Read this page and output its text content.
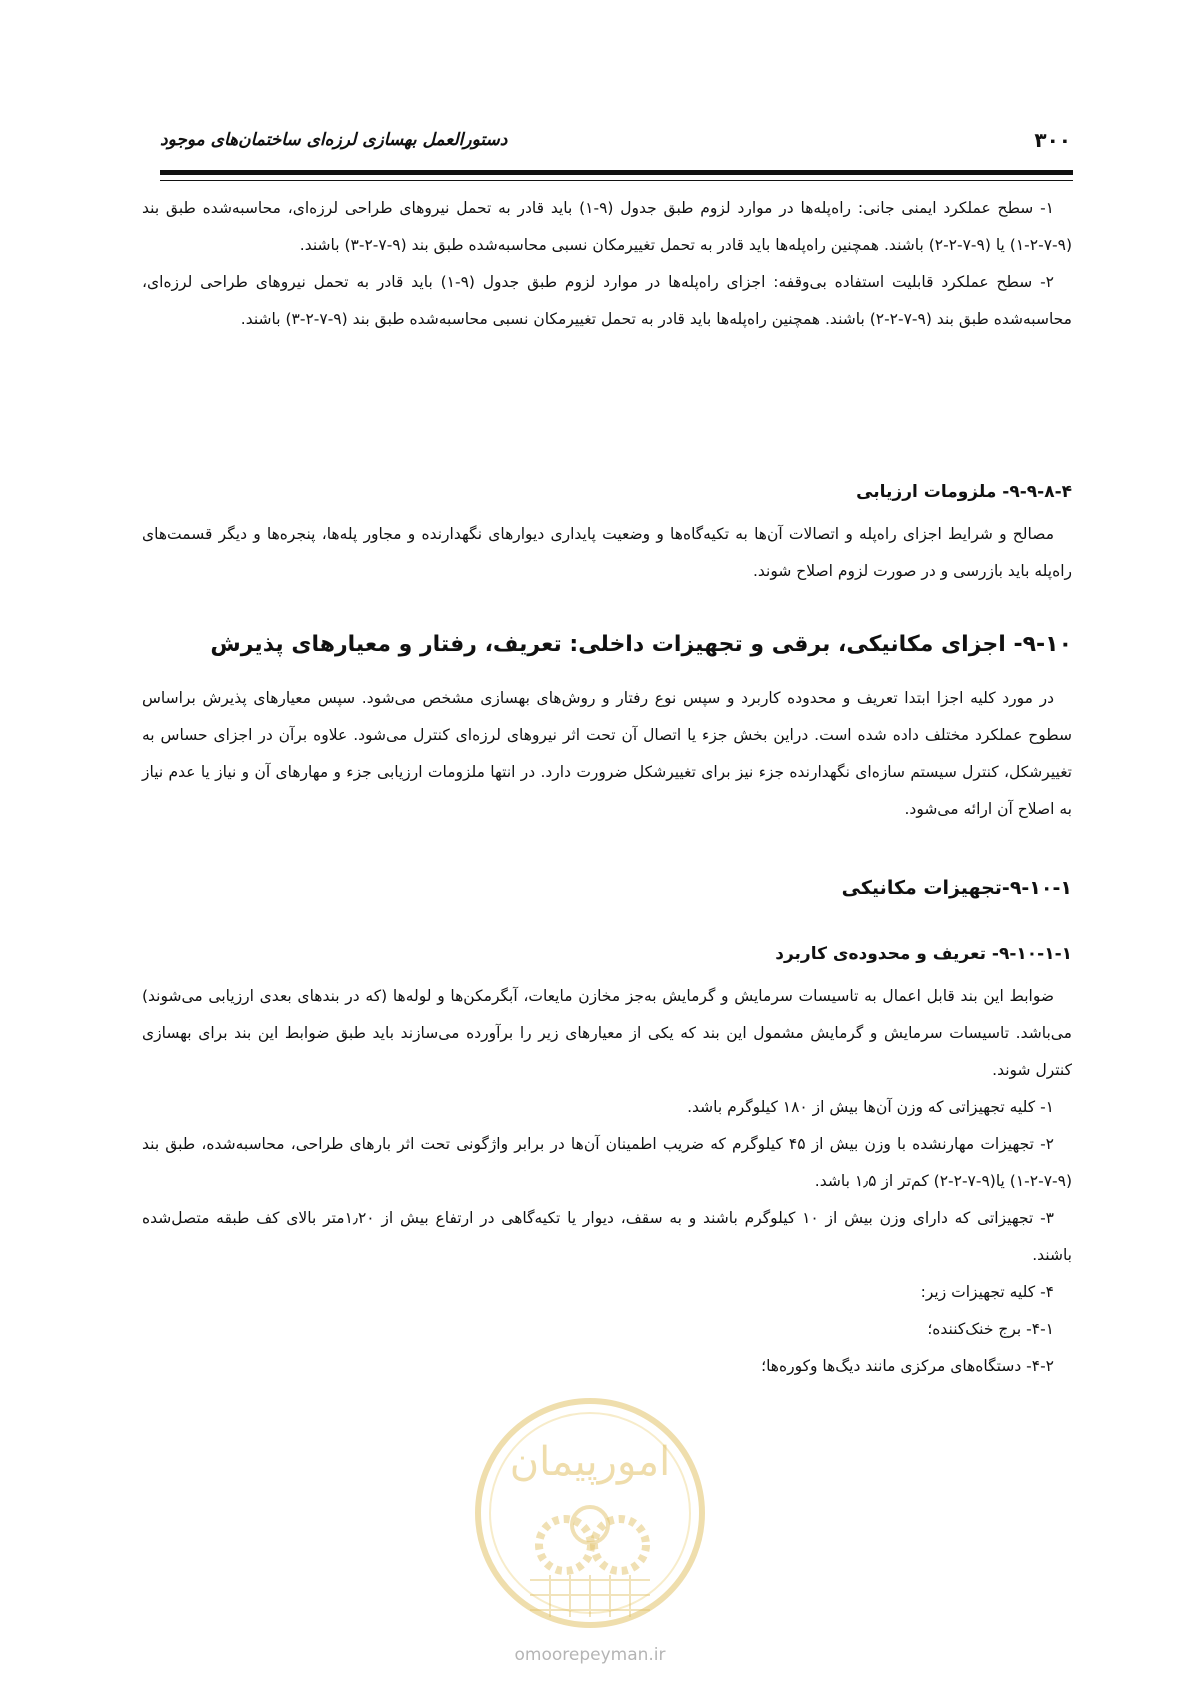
۳۰۰
دستورالعمل بهسازی لرزه‌ای ساختمان‌های موجود

۱- سطح عملکرد ایمنی جانی: راه‌پله‌ها در موارد لزوم طبق جدول (۹-۱) باید قادر به تحمل نیروهای طراحی لرزه‌ای، محاسبه‌شده طبق بند (۹-۷-۲-۱) یا (۹-۷-۲-۲) باشند. همچنین راه‌پله‌ها باید قادر به تحمل تغییرمکان نسبی محاسبه‌شده طبق بند (۹-۷-۲-۳) باشند.

۲- سطح عملکرد قابلیت استفاده بی‌وقفه: اجزای راه‌پله‌ها در موارد لزوم طبق جدول (۹-۱) باید قادر به تحمل نیروهای طراحی لرزه‌ای، محاسبه‌شده طبق بند (۹-۷-۲-۲) باشند. همچنین راه‌پله‌ها باید قادر به تحمل تغییرمکان نسبی محاسبه‌شده طبق بند (۹-۷-۲-۳) باشند.

۹-۹-۸-۴- ملزومات ارزیابی

مصالح و شرایط اجزای راه‌پله و اتصالات آن‌ها به تکیه‌گاه‌ها و وضعیت پایداری دیوارهای نگهدارنده و مجاور پله‌ها، پنجره‌ها و دیگر قسمت‌های راه‌پله باید بازرسی و در صورت لزوم اصلاح شوند.

۹-۱۰- اجزای مکانیکی، برقی و تجهیزات داخلی: تعریف، رفتار و معیارهای پذیرش

در مورد کلیه اجزا ابتدا تعریف و محدوده کاربرد و سپس نوع رفتار و روش‌های بهسازی مشخص می‌شود. سپس معیارهای پذیرش براساس سطوح عملکرد مختلف داده شده است. دراین بخش جزء یا اتصال آن تحت اثر نیروهای لرزه‌ای کنترل می‌شود. علاوه برآن در اجزای حساس به تغییرشکل، کنترل سیستم سازه‌ای نگهدارنده جزء نیز برای تغییرشکل ضرورت دارد. در انتها ملزومات ارزیابی جزء و مهارهای آن و نیاز یا عدم نیاز به اصلاح آن ارائه می‌شود.

۹-۱۰-۱-تجهیزات مکانیکی
۹-۱۰-۱-۱- تعریف و محدوده‌ی کاربرد

ضوابط این بند قابل اعمال به تاسیسات سرمایش و گرمایش به‌جز مخازن مایعات، آبگرمکن‌ها و لوله‌ها (که در بندهای بعدی ارزیابی می‌شوند) می‌باشد. تاسیسات سرمایش و گرمایش مشمول این بند که یکی از معیارهای زیر را برآورده می‌سازند باید طبق ضوابط این بند برای بهسازی کنترل شوند.

۱- کلیه تجهیزاتی که وزن آن‌ها بیش از ۱۸۰ کیلوگرم باشد.

۲- تجهیزات مهارنشده با وزن بیش از ۴۵ کیلوگرم که ضریب اطمینان آن‌ها در برابر واژگونی تحت اثر بارهای طراحی، محاسبه‌شده، طبق بند (۹-۷-۲-۱) یا(۹-۷-۲-۲) کم‌تر از ۱٫۵ باشد.

۳- تجهیزاتی که دارای وزن بیش از ۱۰ کیلوگرم باشند و به سقف، دیوار یا تکیه‌گاهی در ارتفاع بیش از ۱٫۲۰متر بالای کف طبقه متصل‌شده باشند.

۴- کلیه تجهیزات زیر:

۴-۱- برج خنک‌کننده؛

۴-۲- دستگاه‌های مرکزی مانند دیگ‌ها وکوره‌ها؛

امورپیمان
omoorepeyman.ir
